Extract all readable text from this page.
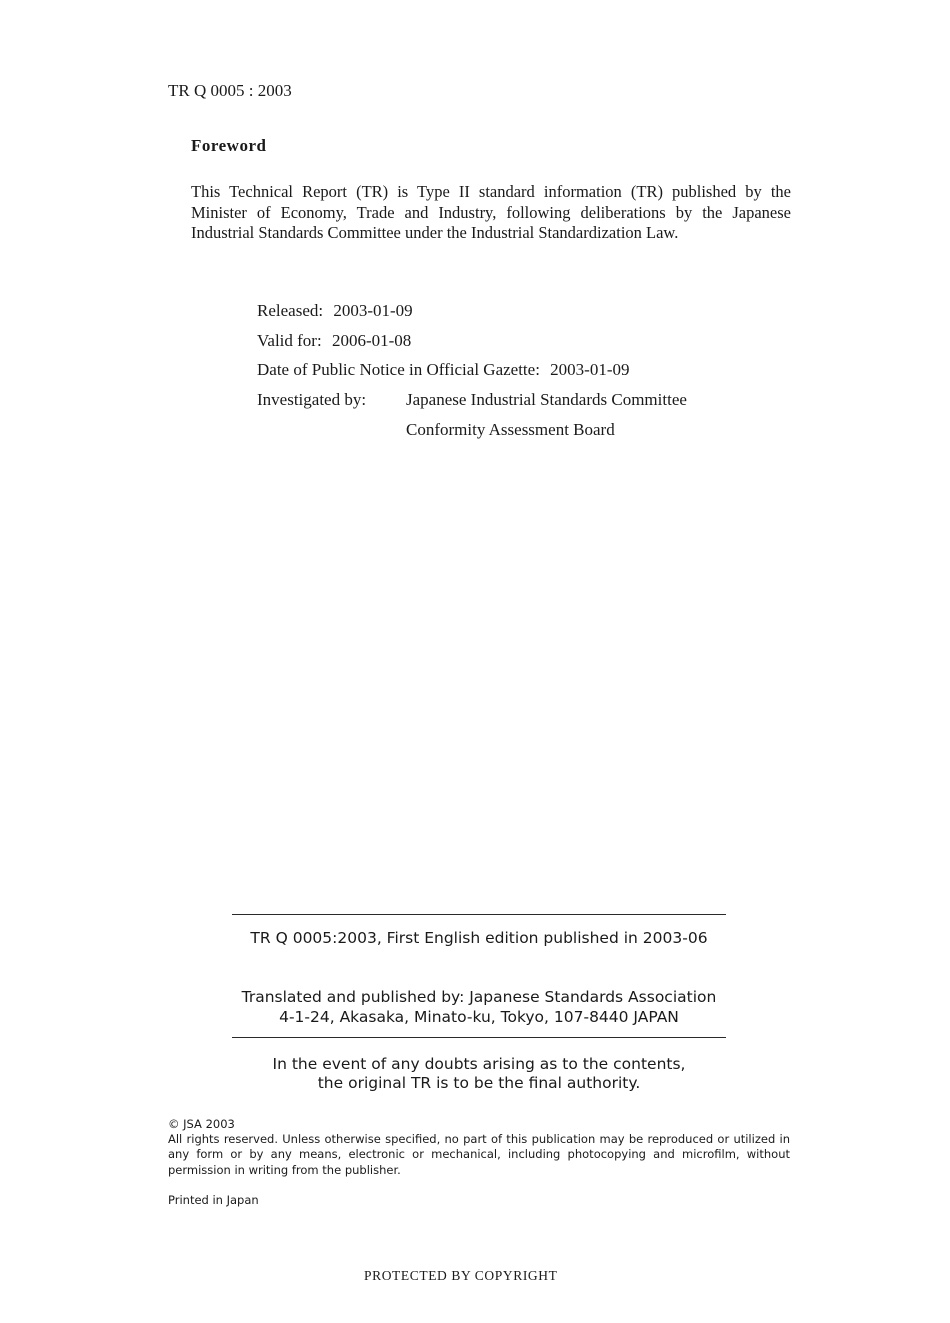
TR Q 0005 : 2003
Foreword
This Technical Report (TR) is Type II standard information (TR) published by the Minister of Economy, Trade and Industry, following deliberations by the Japanese Industrial Standards Committee under the Industrial Standardization Law.
Released: 2003-01-09
Valid for: 2006-01-08
Date of Public Notice in Official Gazette: 2003-01-09
Investigated by: Japanese Industrial Standards Committee
Conformity Assessment Board
TR Q 0005:2003, First English edition published in 2003-06
Translated and published by: Japanese Standards Association
4-1-24, Akasaka, Minato-ku, Tokyo, 107-8440 JAPAN
In the event of any doubts arising as to the contents,
the original TR is to be the final authority.
© JSA 2003
All rights reserved. Unless otherwise specified, no part of this publication may be reproduced or utilized in any form or by any means, electronic or mechanical, including photocopying and microfilm, without permission in writing from the publisher.
Printed in Japan
PROTECTED BY COPYRIGHT
